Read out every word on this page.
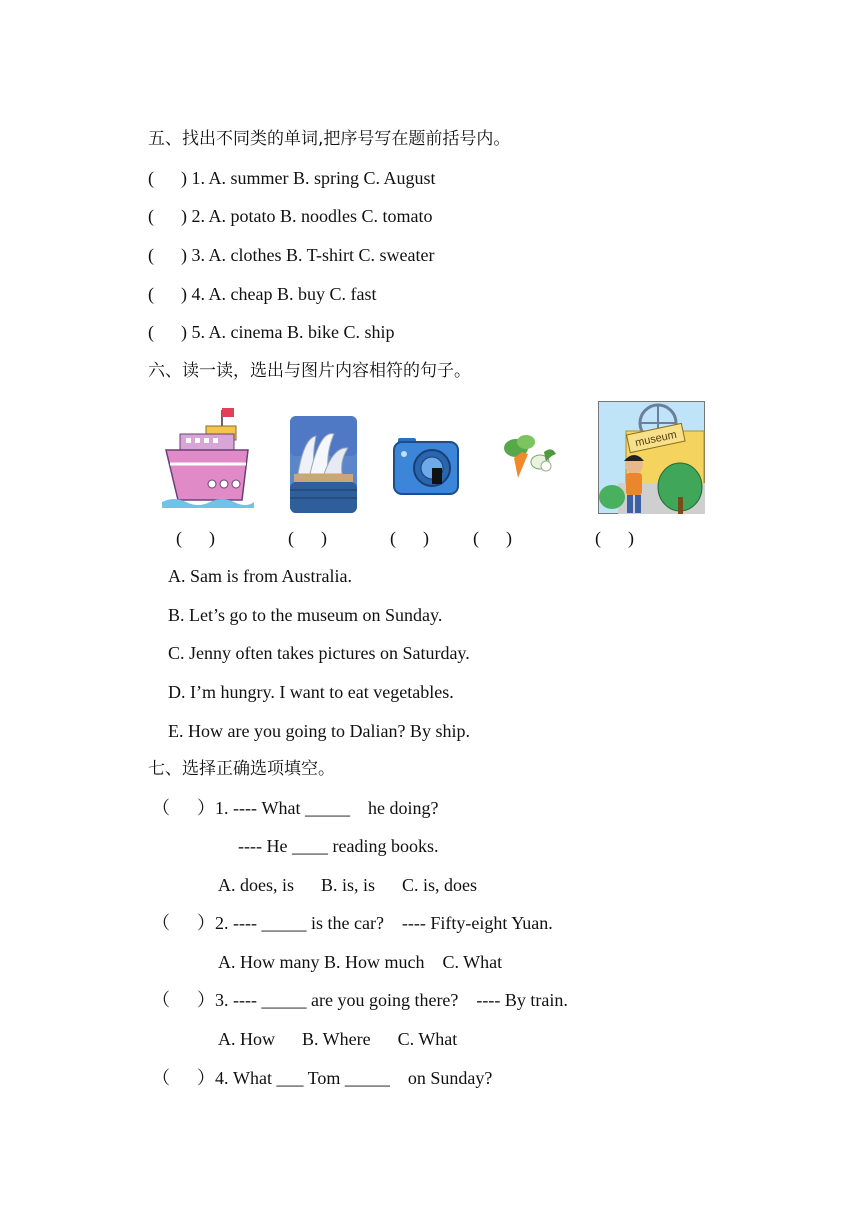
五、找出不同类的单词,把序号写在题前括号内。
(      ) 1. A. summer B. spring C. August
(      ) 2. A. potato B. noodles C. tomato
(      ) 3. A. clothes B. T-shirt C. sweater
(      ) 4. A. cheap B. buy C. fast
(      ) 5. A. cinema B. bike C. ship
六、读一读，选出与图片内容相符的句子。
museum
(      )	(      )	(      ) (      )	(      )
A. Sam is from Australia.
B. Let’s go to the museum on Sunday.
C. Jenny often takes pictures on Saturday.
D. I’m hungry. I want to eat vegetables.
E. How are you going to Dalian? By ship.
七、选择正确选项填空。
（      ）1. ---- What _____    he doing?
---- He ____ reading books.
A. does, is      B. is, is      C. is, does
（      ）2. ---- _____ is the car?    ---- Fifty-eight Yuan.
A. How many B. How much    C. What
（      ）3. ---- _____ are you going there?    ---- By train.
A. How      B. Where      C. What
（      ）4. What ___ Tom _____    on Sunday?
